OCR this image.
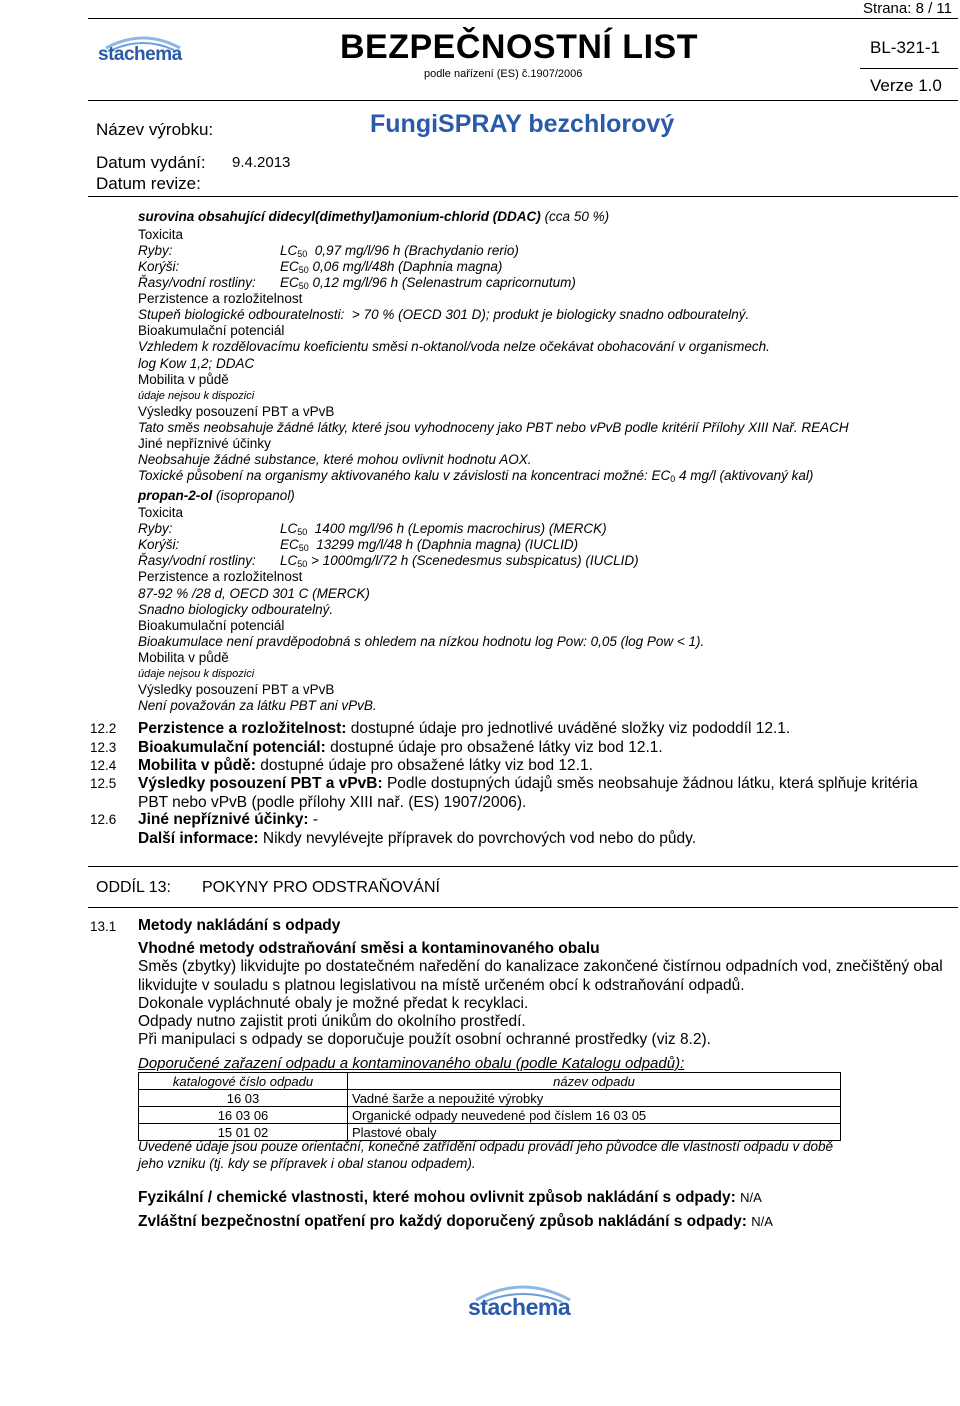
Strana: 8 / 11
stachema	BEZPEČNOSTNÍ LIST
podle nařízení (ES) č.1907/2006
BL-321-1
Verze 1.0
Název výrobku:	FungiSPRAY bezchlorový
Datum vydání: 9.4.2013
Datum revize:
surovina obsahující didecyl(dimethyl)amonium-chlorid (DDAC) (cca 50 %)
Toxicita
Ryby:	$LC_{50}$ 0,97 mg/l/96 h (Brachydanio rerio)
Korýši:	$EC_{50}$ 0,06 mg/l/48h (Daphnia magna)
Řasy/vodní rostliny: $EC_{50}$ 0,12 mg/l/96 h (Selenastrum capricornutum)
Perzistence a rozložitelnost
Stupeň biologické odbouratelnosti: > 70 % (OECD 301 D); produkt je biologicky snadno odbouratelný.
Bioakumulační potenciál
Vzhledem k rozdělovacímu koeficientu směsi n-oktanol/voda nelze očekávat obohacování v organismech.
log Kow 1,2; DDAC
Mobilita v půdě
údaje nejsou k dispozici
Výsledky posouzení PBT a vPvB
Tato směs neobsahuje žádné látky, které jsou vyhodnoceny jako PBT nebo vPvB podle kritérií Přílohy XIII Nař. REACH
Jiné nepříznivé účinky
Neobsahuje žádné substance, které mohou ovlivnit hodnotu AOX.
Toxické působení na organismy aktivovaného kalu v závislosti na koncentraci možné: $EC_0$ 4 mg/l (aktivovaný kal)
propan-2-ol (isopropanol)
Toxicita
Ryby:	$LC_{50}$ 1400 mg/l/96 h (Lepomis macrochirus) (MERCK)
Korýši:	$EC_{50}$ 13299 mg/l/48 h (Daphnia magna) (IUCLID)
Řasy/vodní rostliny: $LC_{50} > 1000mg/l/72$ h (Scenedesmus subspicatus) (IUCLID)
Perzistence a rozložitelnost
87-92 % /28 d, OECD 301 C (MERCK)
Snadno biologicky odbouratelný.
Bioakumulační potenciál
Bioakumulace není pravděpodobná s ohledem na nízkou hodnotu log Pow: 0,05 (log Pow < 1).
Mobilita v půdě
údaje nejsou k dispozici
Výsledky posouzení PBT a vPvB
Není považován za látku PBT ani vPvB.
12.2 Perzistence a rozložitelnost: dostupné údaje pro jednotlivé uváděné složky viz pododdíl 12.1.
12.3 Bioakumulační potenciál: dostupné údaje pro obsažené látky viz bod 12.1.
12.4 Mobilita v půdě: dostupné údaje pro obsažené látky viz bod 12.1.
12.5 Výsledky posouzení PBT a vPvB: Podle dostupných údajů směs neobsahuje žádnou látku, která splňuje kritéria
PBT nebo vPvB (podle přílohy XIII nař. (ES) 1907/2006).
12.6 Jiné nepříznivé účinky: -
Další informace: Nikdy nevylévejte přípravek do povrchových vod nebo do půdy.
ODDÍL 13: POKYNY PRO ODSTRAŇOVÁNÍ
13.1 Metody nakládání s odpady
Vhodné metody odstraňování směsi a kontaminovaného obalu
Směs (zbytky) likvidujte po dostatečném naředění do kanalizace zakončené čistírnou odpadních vod, znečištěný obal
likvidujte v souladu s platnou legislativou na místě určeném obcí k odstraňování odpadů.
Dokonale vypláchnuté obaly je možné předat k recyklaci.
Odpady nutno zajistit proti únikům do okolního prostředí.
Při manipulaci s odpady se doporučuje použít osobní ochranné prostředky (viz 8.2).
Doporučené zařazení odpadu a kontaminovaného obalu (podle Katalogu odpadů):
katalogové číslo odpadu	název odpadu
16 03	Vadné šarže a nepoužité výrobky
16 03 06	Organické odpady neuvedené pod číslem 16 03 05
15 01 02	Plastové obaly
Uvedené údaje jsou pouze orientační, konečné zatřídění odpadu provádí jeho původce dle vlastností odpadu v době
jeho vzniku (tj. kdy se přípravek i obal stanou odpadem).
Fyzikální / chemické vlastnosti, které mohou ovlivnit způsob nakládání s odpady: N/A
Zvláštní bezpečnostní opatření pro každý doporučený způsob nakládání s odpady: N/A
stachema
